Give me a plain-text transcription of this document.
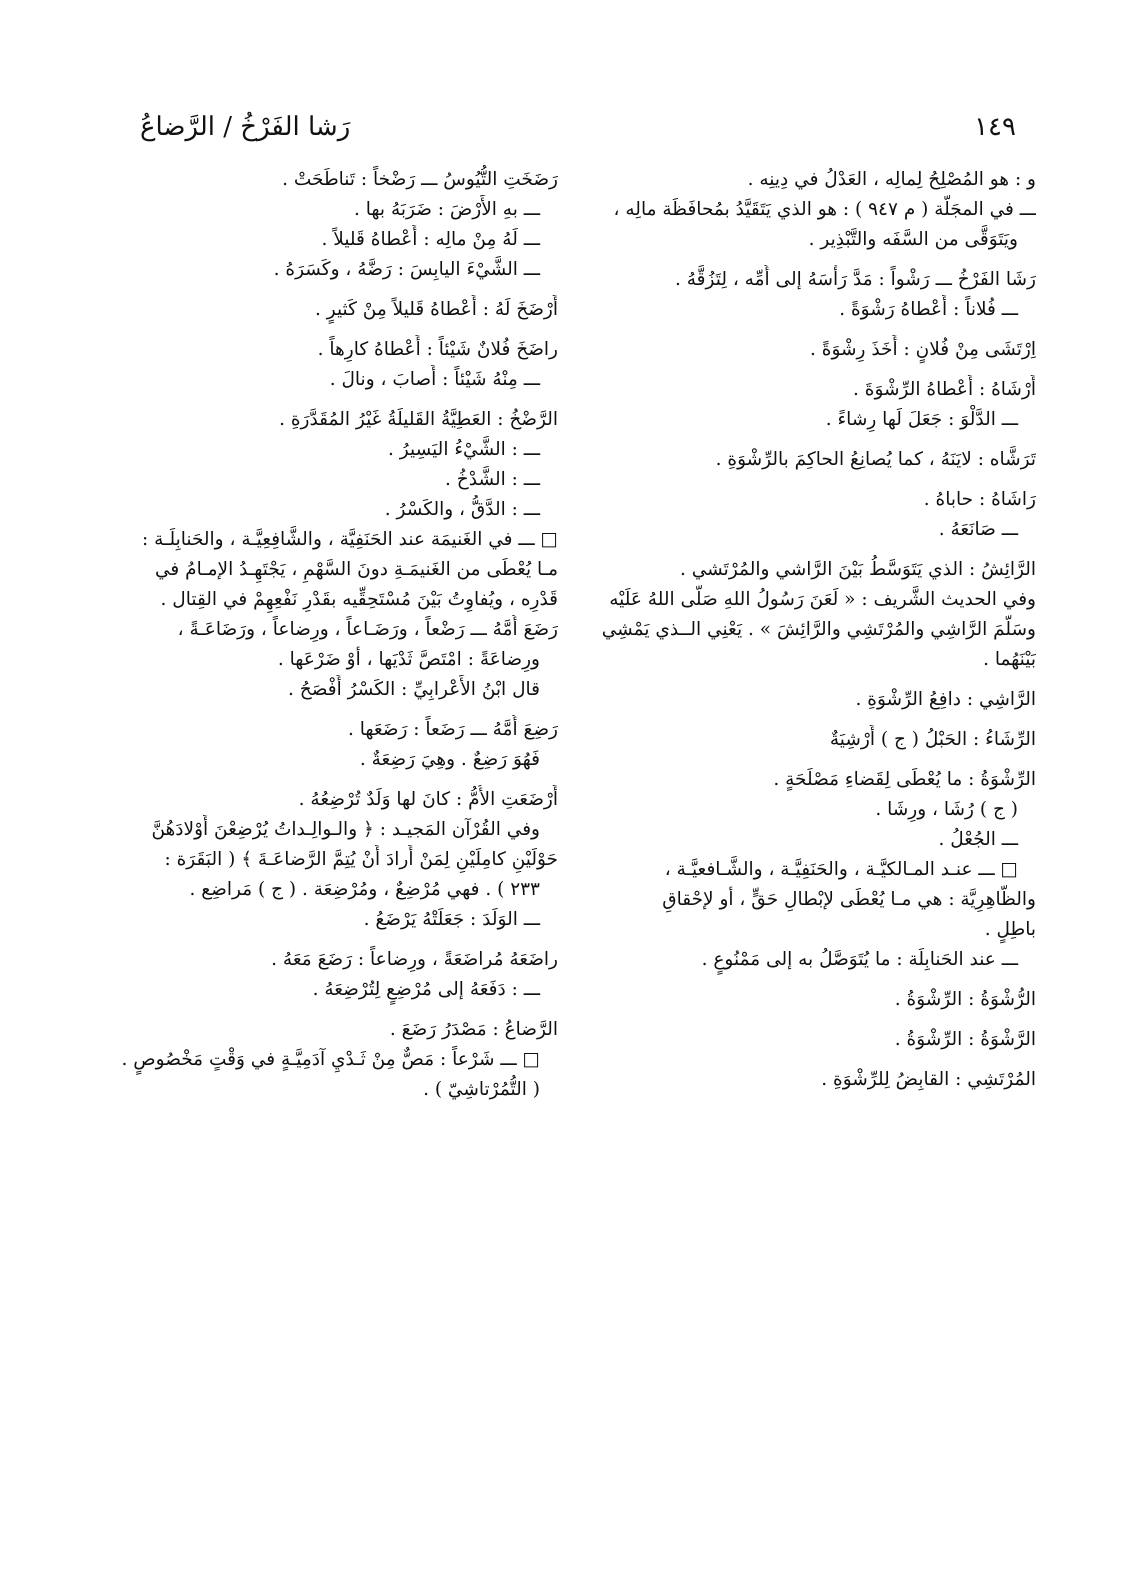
١٤٩
رَشا الفَرْخُ / الرَّضاعُ
و : هو المُصْلِحُ لِمالِه ، العَدْلُ في دِينِه .
ـــ في المجَلَّة ( م ٩٤٧ ) : هو الذي يَتَقَيَّدُ بمُحافَظَة مالِه ،
ويَتَوَقَّى من السَّفَه والتَّبْذِير .
رَشَا الفَرْخُ ـــ رَشْواً : مَدَّ رَأْسَهُ إلى أُمِّه ، لِتَزُقَّهُ .
ـــ فُلاناً : أَعْطاهُ رَشْوَةً .
اِرْتَشَى مِنْ فُلانٍ : أَخَذَ رِشْوَةً .
أَرْشَاهُ : أَعْطاهُ الرِّشْوَةَ .
ـــ الدَّلْوَ : جَعَلَ لَها رِشاءً .
تَرَشَّاه : لايَنَهُ ، كما يُصانِعُ الحاكِمَ بالرِّشْوَةِ .
رَاشَاهُ : حاباهُ .
ـــ صَانَعَهُ .
الرَّائِشُ : الذي يَتَوَسَّطُ بَيْنَ الرَّاشي والمُرْتَشي .
وفي الحديث الشَّريف : « لَعَنَ رَسُولُ اللهِ صَلَّى اللهُ عَلَيْه
وسَلَّمَ الرَّاشِي والمُرْتَشِي والرَّائِشَ » . يَعْنِي الــذي يَمْشِي
بَيْنَهُما .
الرَّاشِي : دافِعُ الرِّشْوَةِ .
الرِّشَاءُ : الحَبْلُ ( ج ) أَرْشِيَةٌ
الرِّشْوَةُ : ما يُعْطَى لِقَضاءِ مَصْلَحَةٍ .
( ج ) رُشَا ، ورِشَا .
ـــ الجُعْلُ .
□ ـــ عنـد المـالكيَّـة ، والحَنَفِيَّـة ، والشَّـافعيَّـة ،
والظَّاهِرِيَّة : هي مـا يُعْطَى لإبْطالِ حَقٍّ ، أو لإحْقاقِ
باطِلٍ .
ـــ عند الحَنابِلَة : ما يُتَوَصَّلُ به إلى مَمْنُوعٍ .
الرُّشْوَةُ : الرِّشْوَةُ .
الرَّشْوَةُ : الرِّشْوَةُ .
المُرْتَشِي : القابِضُ لِلرِّشْوَةِ .
رَضَخَتِ التُّيُوسُ ـــ رَضْخاً : تَناطَحَتْ .
ـــ بهِ الأَرْضَ : ضَرَبَهُ بها .
ـــ لَهُ مِنْ مالِه : أَعْطاهُ قَليلاً .
ـــ الشَّيْءَ اليابِسَ : رَضَّهُ ، وكَسَرَهُ .
أَرْضَخَ لَهُ : أَعْطاهُ قَليلاً مِنْ كَثيرٍ .
راضَخَ فُلانٌ شَيْئاً : أَعْطاهُ كارِهاً .
ـــ مِنْهُ شَيْئاً : أَصابَ ، ونالَ .
الرَّضْخُ : العَطِيَّةُ القَليلَةُ غَيْرُ المُقَدَّرَةِ .
ـــ : الشَّيْءُ اليَسِيرُ .
ـــ : الشَّدْخُ .
ـــ : الدَّقُّ ، والكَسْرُ .
□ ـــ في الغَنيمَة عند الحَنَفِيَّة ، والشَّافِعِيَّـة ، والحَنابِلَـة :
مـا يُعْطَى من الغَنيمَـةِ دونَ السَّهْمِ ، يَجْتَهِـدُ الإمـامُ في
قَدْرِه ، ويُفاوِتُ بَيْنَ مُسْتَحِقِّيه بقَدْرِ نَفْعِهِمْ في القِتال .
رَضَعَ أُمَّهُ ـــ رَضْعاً ، ورَضَـاعاً ، ورِضاعاً ، ورَضَاعَـةً ،
ورِضاعَةً : امْتَصَّ ثَدْيَها ، أوْ ضَرْعَها .
قال ابْنُ الأَعْرابِيِّ : الكَسْرُ أَفْصَحُ .
رَضِعَ أُمَّهُ ـــ رَضَعاً : رَضَعَها .
فَهُوَ رَضِعٌ . وهِيَ رَضِعَةٌ .
أَرْضَعَتِ الأُمُّ : كانَ لها وَلَدٌ تُرْضِعُهُ .
وفي القُرْآن المَجيـد : ﴿ والـوالِـداتُ يُرْضِعْنَ أَوْلادَهُنَّ
حَوْلَيْنِ كامِلَيْنِ لِمَنْ أَرادَ أَنْ يُتِمَّ الرَّضاعَـةَ ﴾ ( البَقَرَة :
٢٣٣ ) . فهي مُرْضِعٌ ، ومُرْضِعَة . ( ج ) مَراضِع .
ـــ الوَلَدَ : جَعَلَتْهُ يَرْضَعُ .
راضَعَهُ مُراضَعَةً ، ورِضاعاً : رَضَعَ مَعَهُ .
ـــ : دَفَعَهُ إلى مُرْضِعٍ لِتُرْضِعَهُ .
الرَّضاعُ : مَصْدَرُ رَضَعَ .
□ ـــ شَرْعاً : مَصٌّ مِنْ ثَـدْيِ آدَمِيَّـةٍ في وَقْتٍ مَخْصُوصٍ .
( التُّمُرْتاشِيّ ) .
